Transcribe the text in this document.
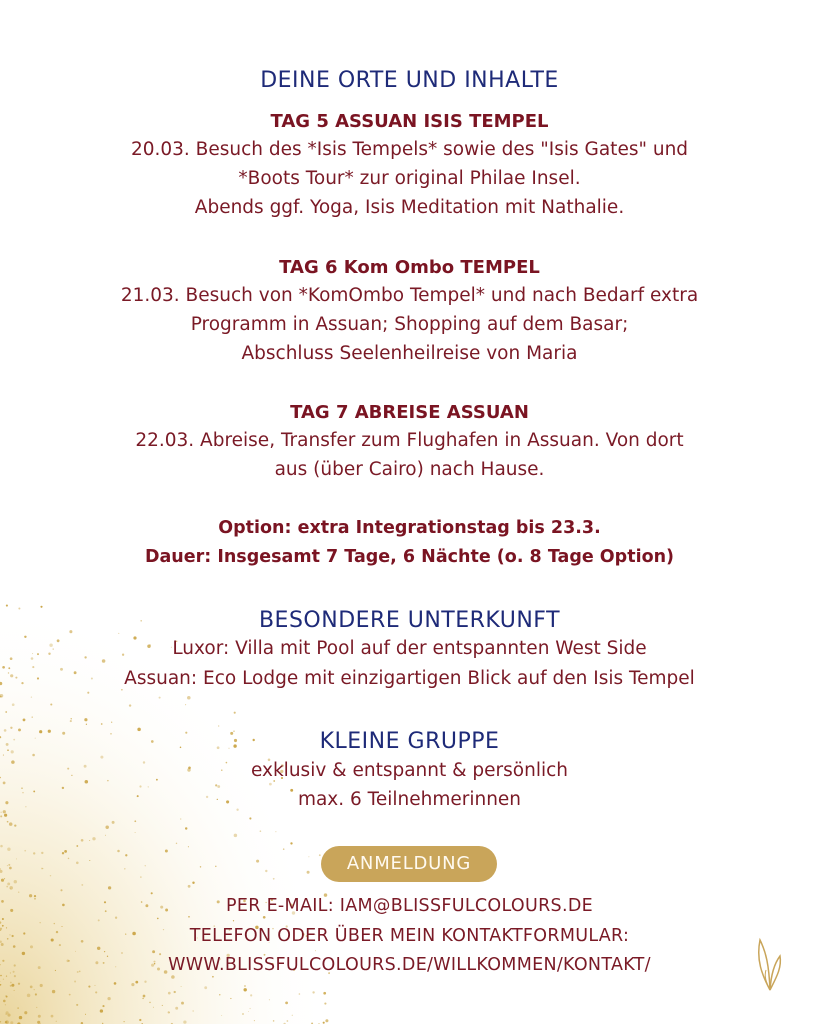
DEINE ORTE UND INHALTE
TAG 5 ASSUAN ISIS TEMPEL
20.03. Besuch des *Isis Tempels* sowie des "Isis Gates" und
*Boots Tour* zur original Philae Insel.
Abends ggf. Yoga, Isis Meditation mit Nathalie.
TAG 6 Kom Ombo TEMPEL
21.03. Besuch von *KomOmbo Tempel* und nach Bedarf extra
Programm in Assuan; Shopping auf dem Basar;
Abschluss Seelenheilreise von Maria
TAG 7 ABREISE ASSUAN
22.03. Abreise, Transfer zum Flughafen in Assuan. Von dort
aus (über Cairo) nach Hause.
Option: extra Integrationstag bis 23.3.
Dauer: Insgesamt 7 Tage, 6 Nächte (o. 8 Tage Option)
BESONDERE UNTERKUNFT
Luxor: Villa mit Pool auf der entspannten West Side
Assuan: Eco Lodge mit einzigartigen Blick auf den Isis Tempel
KLEINE GRUPPE
exklusiv & entspannt & persönlich
max. 6 Teilnehmerinnen
ANMELDUNG
PER E-MAIL: IAM@BLISSFULCOLOURS.DE
TELEFON ODER ÜBER MEIN KONTAKTFORMULAR:
WWW.BLISSFULCOLOURS.DE/WILLKOMMEN/KONTAKT/
